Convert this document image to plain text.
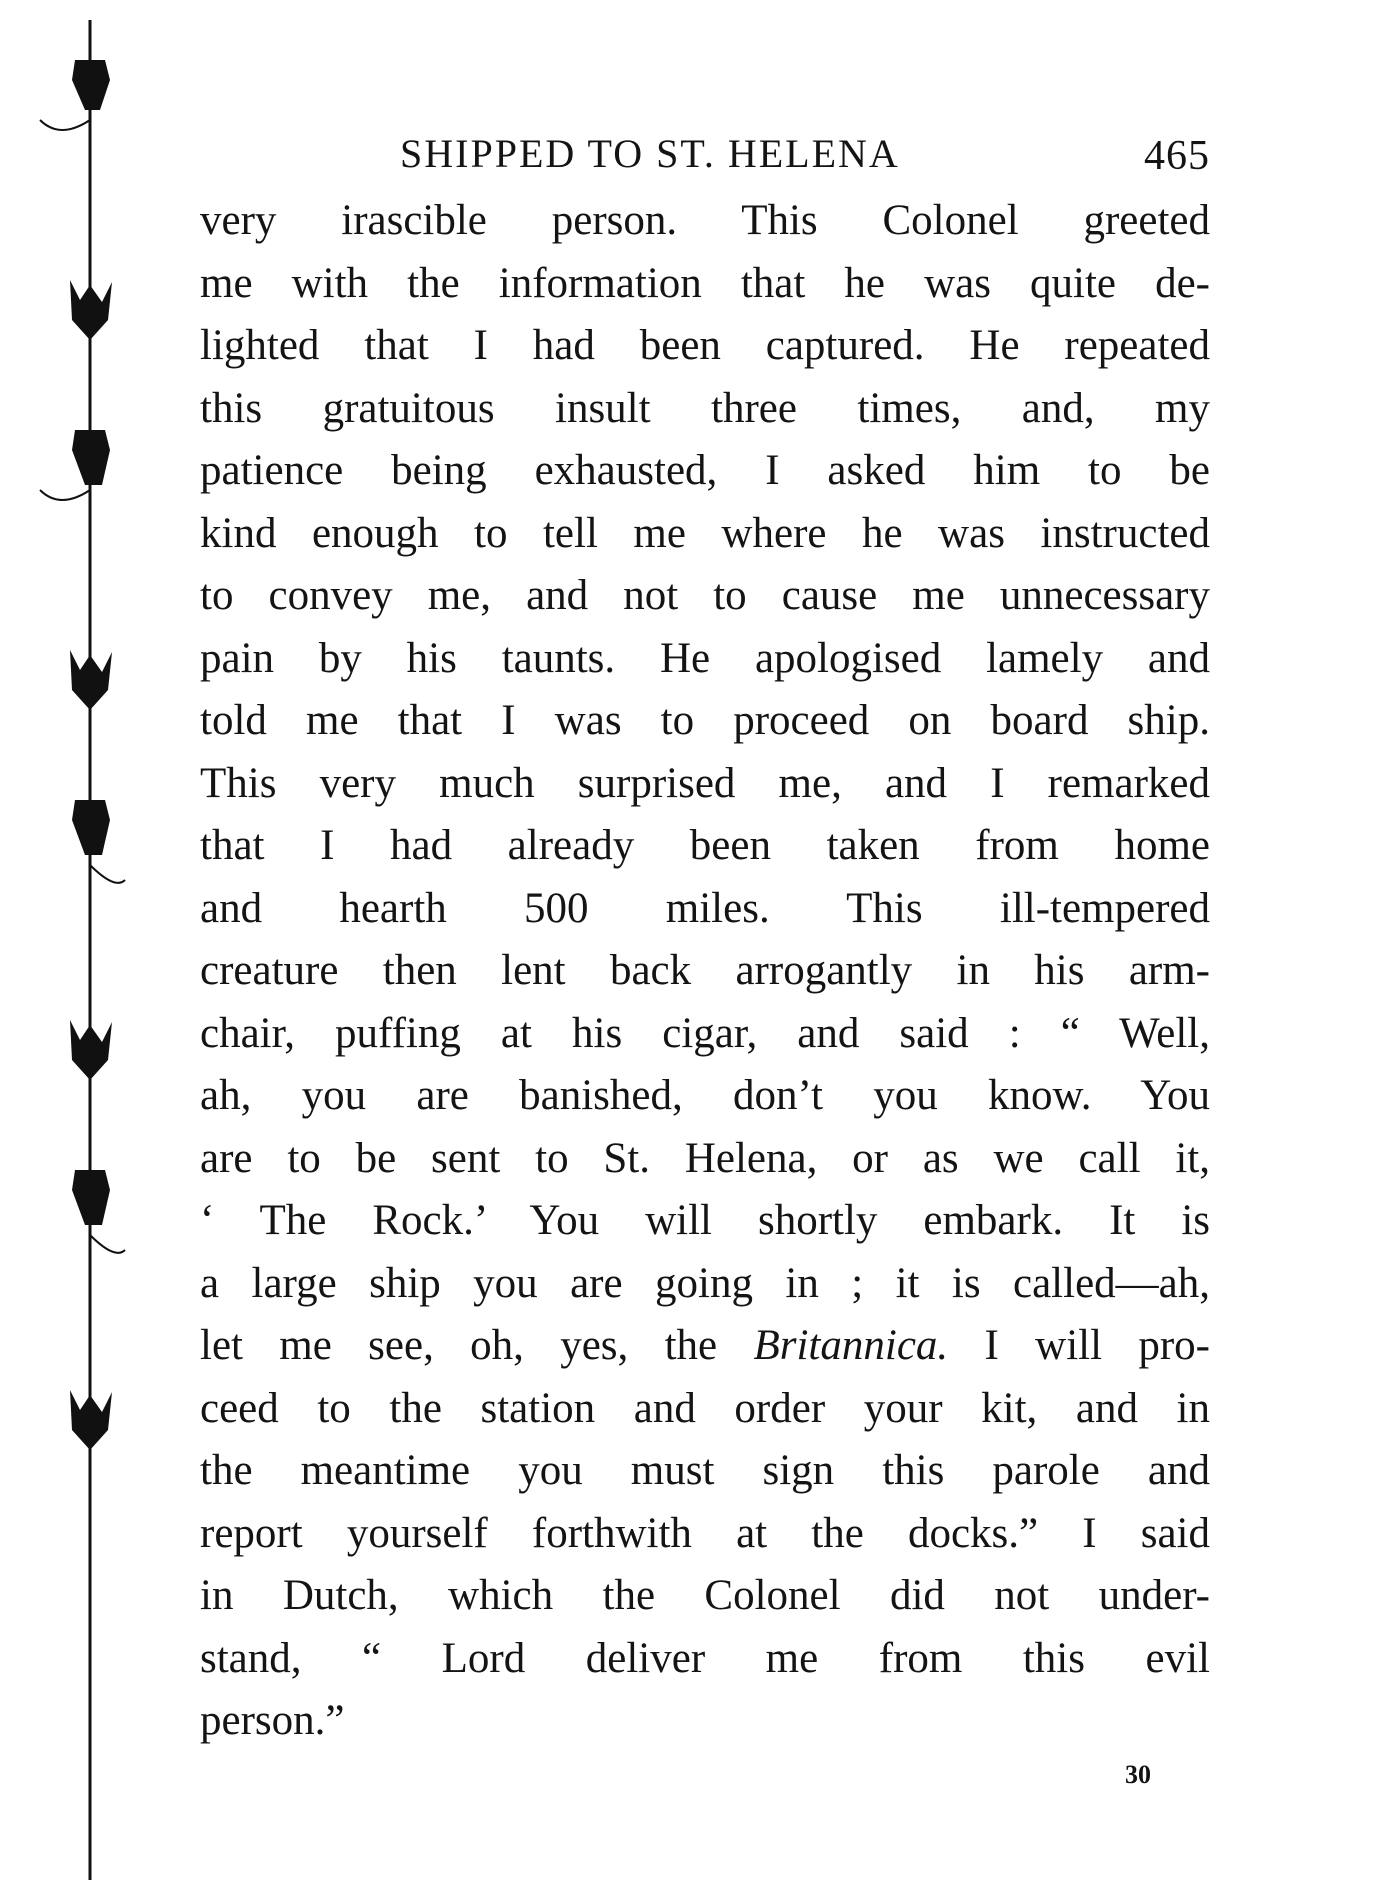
SHIPPED TO ST. HELENA	465
very irascible person. This Colonel greeted
me with the information that he was quite de-
lighted that I had been captured. He repeated
this gratuitous insult three times, and, my
patience being exhausted, I asked him to be
kind enough to tell me where he was instructed
to convey me, and not to cause me unnecessary
pain by his taunts. He apologised lamely and
told me that I was to proceed on board ship.
This very much surprised me, and I remarked
that I had already been taken from home
and hearth 500 miles. This ill-tempered
creature then lent back arrogantly in his arm-
chair, puffing at his cigar, and said : “ Well,
ah, you are banished, don’t you know. You
are to be sent to St. Helena, or as we call it,
‘ The Rock.’ You will shortly embark. It is
a large ship you are going in ; it is called—ah,
let me see, oh, yes, the Britannica. I will pro-
ceed to the station and order your kit, and in
the meantime you must sign this parole and
report yourself forthwith at the docks.” I said
in Dutch, which the Colonel did not under-
stand, “ Lord deliver me from this evil
person.”
30
